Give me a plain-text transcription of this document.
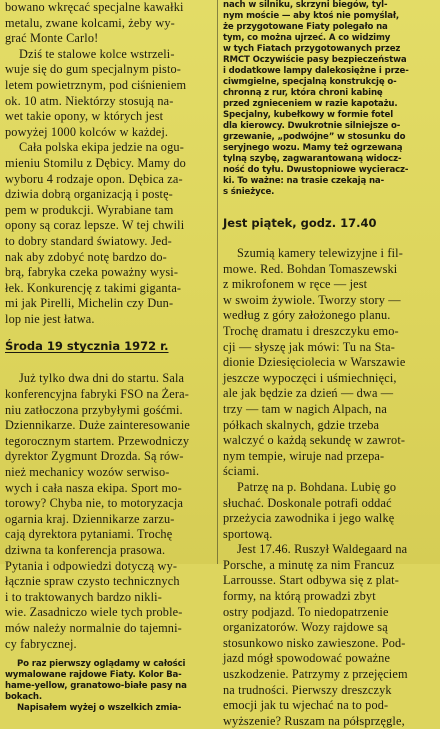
bowano wkręcać specjalne kawałki
metalu, zwane kolcami, żeby wy-
grać Monte Carlo!

Dziś te stalowe kolce wstrzeli-
wuje się do gum specjalnym pisto-
letem powietrznym, pod ciśnieniem
ok. 10 atm. Niektórzy stosują na-
wet takie opony, w których jest
powyżej 1000 kolców w każdej.

Cała polska ekipa jedzie na ogu-
mieniu Stomilu z Dębicy. Mamy do
wyboru 4 rodzaje opon. Dębica za-
dziwia dobrą organizacją i postę-
pem w produkcji. Wyrabiane tam
opony są coraz lepsze. W tej chwili
to dobry standard światowy. Jed-
nak aby zdobyć notę bardzo do-
brą, fabryka czeka poważny wysi-
łek. Konkurencję z takimi gigantа-
mi jak Pirelli, Michelin czy Dun-
lop nie jest łatwa.

Środa 19 stycznia 1972 r.

Już tylko dwa dni do startu. Sala
konferencyjna fabryki FSO na Żera-
niu zatłoczona przybyłymi gośćmi.
Dziennikarze. Duże zainteresowanie
tegorocznym startem. Przewodniczy
dyrektor Zygmunt Drozda. Są rów-
nież mechanicy wozów serwiso-
wych i cała nasza ekipa. Sport mo-
torowy? Chyba nie, to motoryzacja
ogarnia kraj. Dziennikarze zarzu-
cają dyrektora pytaniami. Trochę
dziwna ta konferencja prasowa.
Pytania i odpowiedzi dotyczą wy-
łącznie spraw czysto technicznych
i to traktowanych bardzo nikli-
wie. Zasadniczo wiele tych proble-
mów należy normalnie do tajemni-
cy fabrycznej.

Po raz pierwszy oglądamy w całości
wymalowane rajdowe Fiaty. Kolor Ba-
hame-yellow, granatowo-białe pasy na
bokach.

Napisałem wyżej o wszelkich zmia-

nach w silniku, skrzyni biegów, tyl-
nym moście — aby ktoś nie pomyślał,
że przygotowane Fiaty polegało na
tym, co można ujrzeć. A co widzimy
w tych Fiatach przygotowanych przez
RMCT Oczywiście pasy bezpieczeństwa
i dodatkowe lampy dalekosiężne i prze-
ciwmgielne, specjalną konstrukcję o-
chronną z rur, która chroni kabinę
przed zgnieceniem w razie kapotażu.
Specjalny, kubełkowy w formie fotel
dla kierowcy. Dwukrotnie silniejsze o-
grzewanie, „podwójne” w stosunku do
seryjnego wozu. Mamy też ogrzewaną
tylną szybę, zagwarantowaną widocz-
ność do tyłu. Dwustopniowe wycieracz-
ki. To ważne: na trasie czekają na-
s śnieżyce.

Jest piątek, godz. 17.40

Szumią kamery telewizyjne i fil-
mowe. Red. Bohdan Tomaszewski
z mikrofonem w ręce — jest
w swoim żywiole. Tworzy story —
według z góry założonego planu.
Trochę dramatu i dreszczyku emo-
cji — słyszę jak mówi: Tu na Sta-
dionie Dziesięciolecia w Warszawie
jeszcze wypoczęci i uśmiechnięci,
ale jak będzie za dzień — dwa —
trzy — tam w nagich Alpach, na
półkach skalnych, gdzie trzeba
walczyć o każdą sekundę w zawrot-
nym tempie, wiruje nad przepa-
ściami.

Patrzę na p. Bohdana. Lubię go
słuchać. Doskonale potrafi oddać
przeżycia zawodnika i jego walkę
sportową.

Jest 17.46. Ruszył Waldegaard na
Porsche, a minutę za nim Francuz
Larrousse. Start odbywa się z plat-
formy, na którą prowadzi zbyt
ostry podjazd. To niedopatrzenie
organizatorów. Wozy rajdowe są
stosunkowo nisko zawieszone. Pod-
jazd mógł spowodować poważne
uszkodzenie. Patrzymy z przejęciem
na trudności. Pierwszy dreszczyk
emocji jak tu wjechać na to pod-
wyższenie? Ruszam na półsprzęgle,
